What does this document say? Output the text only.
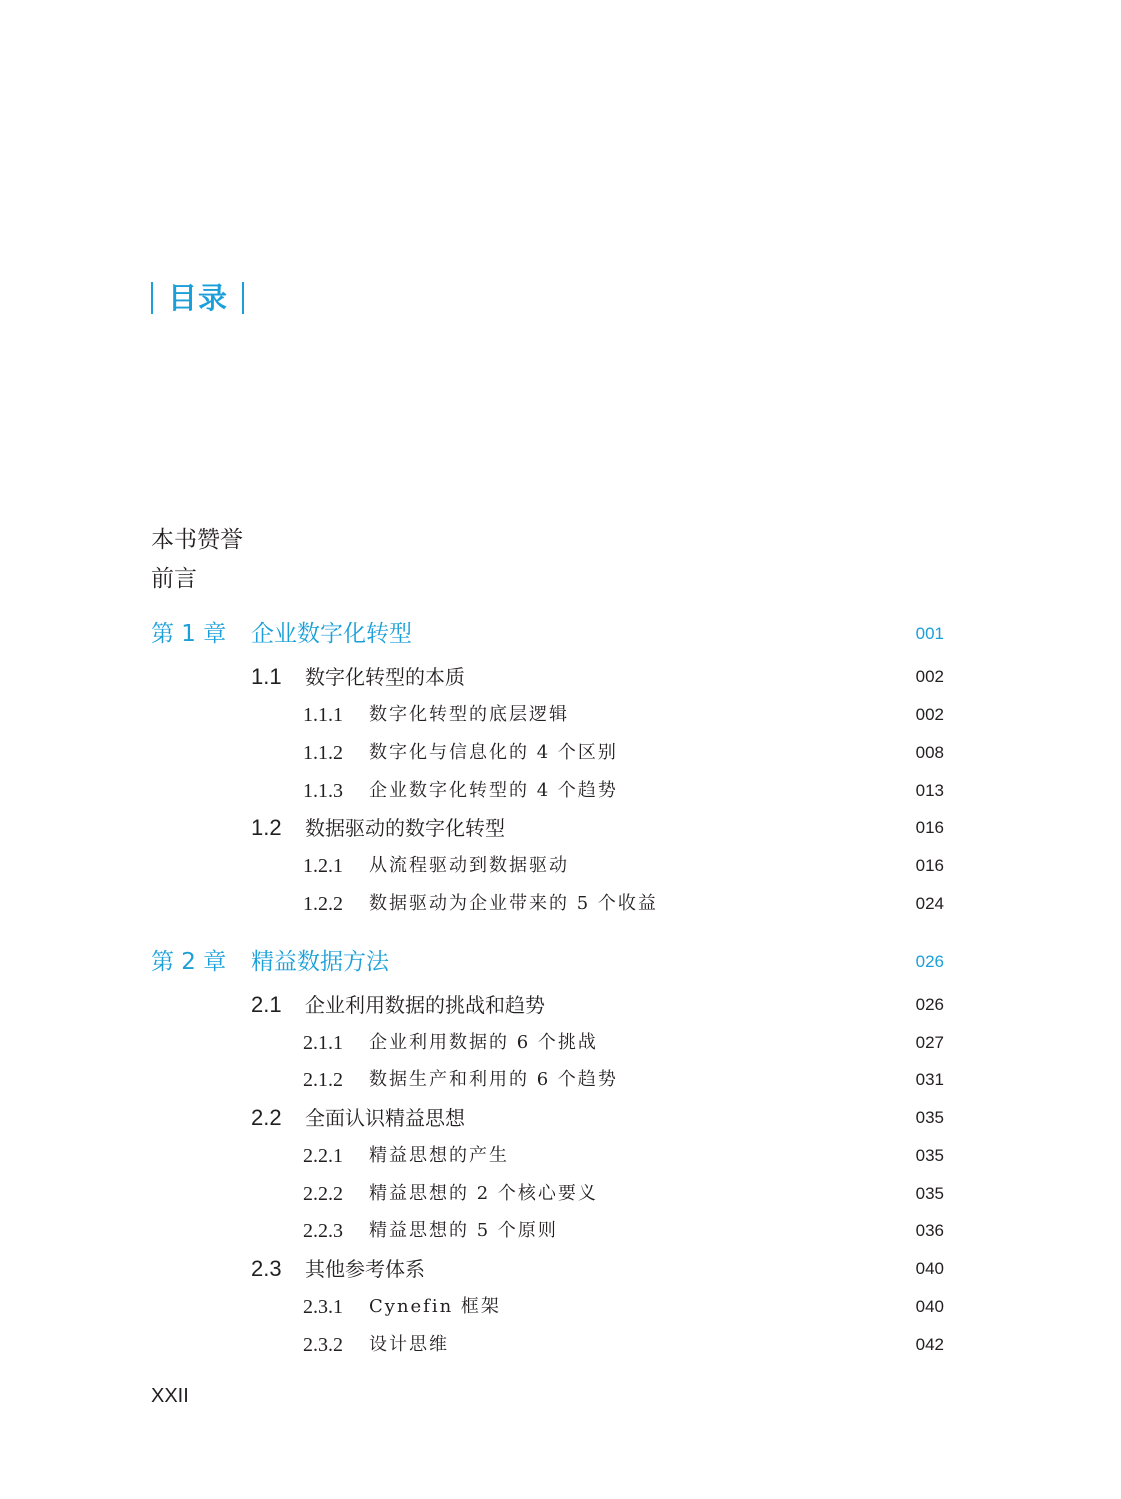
目录
本书赞誉
前言
第 1 章 企业数字化转型	001
1.1 数字化转型的本质	002
1.1.1 数字化转型的底层逻辑	002
1.1.2 数字化与信息化的 4 个区别	008
1.1.3 企业数字化转型的 4 个趋势	013
1.2 数据驱动的数字化转型	016
1.2.1 从流程驱动到数据驱动	016
1.2.2 数据驱动为企业带来的 5 个收益	024
第 2 章 精益数据方法	026
2.1 企业利用数据的挑战和趋势	026
2.1.1 企业利用数据的 6 个挑战	027
2.1.2 数据生产和利用的 6 个趋势	031
2.2 全面认识精益思想	035
2.2.1 精益思想的产生	035
2.2.2 精益思想的 2 个核心要义	035
2.2.3 精益思想的 5 个原则	036
2.3 其他参考体系	040
2.3.1 Cynefin 框架	040
2.3.2 设计思维	042
XXII
